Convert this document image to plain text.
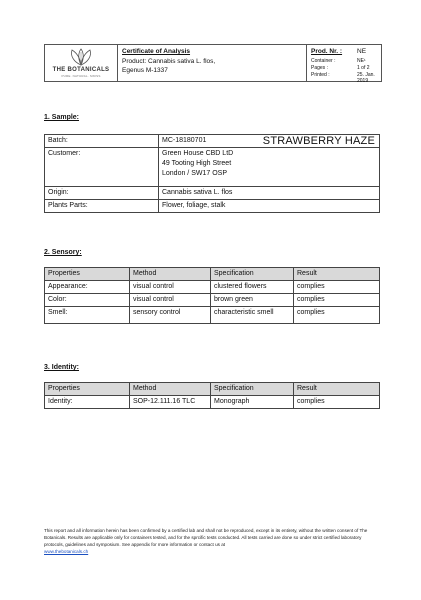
THE BOTANICALS
PURE. NATURAL. SWISS
Certificate of Analysis
Product: Cannabis sativa L. flos,
Egenus M-1337
Prod. Nr. : NE
Container :	NE¹
Pages :	1 of 2
Printed :	25. Jan. 2019
1. Sample:
Batch:	MC-18180701 STRAWBERRY HAZE

Customer:	Green House CBD LtD
49 Tooting High Street
London / SW17 OSP

Origin:	Cannabis sativa L. flos
Plants Parts:	Flower, foliage, stalk
2. Sensory:
Properties	Method	Specification	Result
Appearance:	visual control	clustered flowers	complies
Color:	visual control	brown green	complies
Smell:	sensory control	characteristic smell	complies
3. Identity:
Properties	Method	Specification	Result
Identity:	SOP-12.111.16 TLC	Monograph	complies
This report and all information herein has been confirmed by a certified lab and shall not be reproduced, except in its entirety, without the written consent of The Botanicals. Results are applicable only for containers tested, and for the sprcific tests conducted. All tests carried are done so under strict certified laboratory protocols, guidelines and symposium. See appendix for more information or contact us at
www.thebotanicals.ch
